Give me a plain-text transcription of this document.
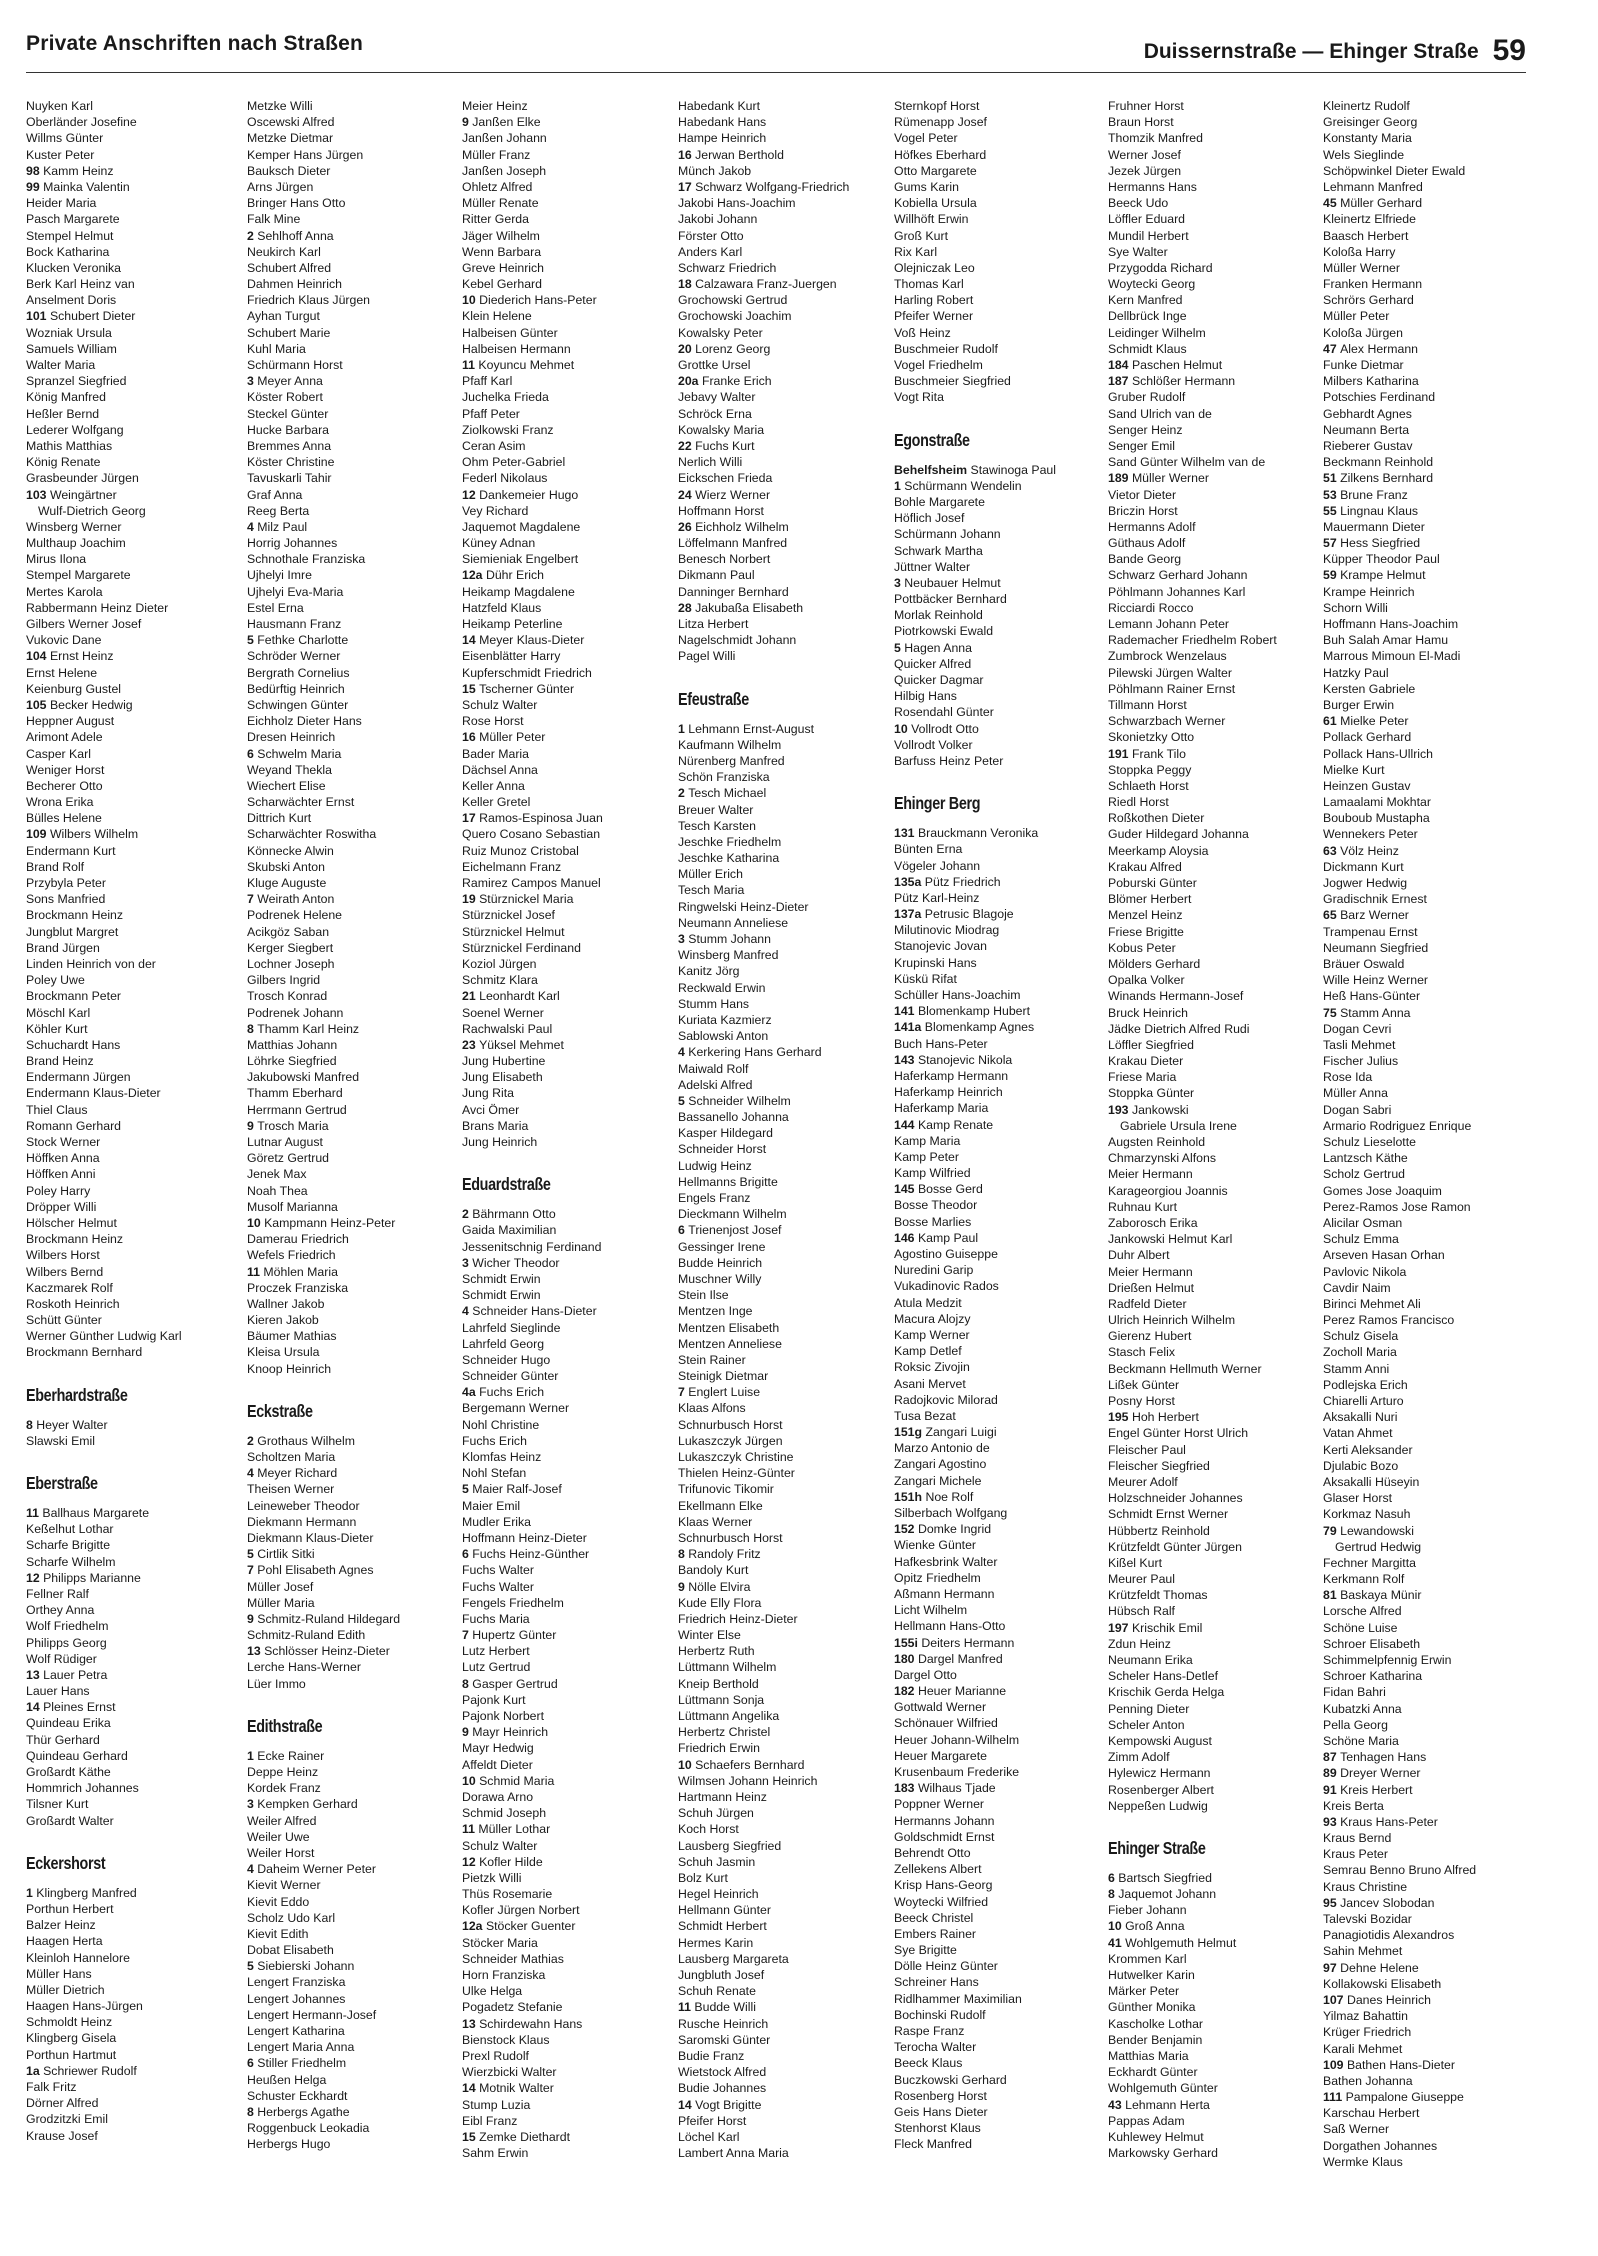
Private Anschriften nach Straßen	Duissernstraße — Ehinger Straße 59
Nuyken Karl
Oberländer Josefine
Willms Günter
Kuster Peter
98 Kamm Heinz
99 Mainka Valentin
Heider Maria
Pasch Margarete
Stempel Helmut
Bock Katharina
Klucken Veronika
Berk Karl Heinz van
Anselment Doris
101 Schubert Dieter
Wozniak Ursula
Samuels William
Walter Maria
Spranzel Siegfried
König Manfred
Heßler Bernd
Lederer Wolfgang
Mathis Matthias
König Renate
Grasbeunder Jürgen
103 Weingärtner
Wulf-Dietrich Georg
Winsberg Werner
Multhaup Joachim
Mirus Ilona
Stempel Margarete
Mertes Karola
Rabbermann Heinz Dieter
Gilbers Werner Josef
Vukovic Dane
104 Ernst Heinz
Ernst Helene
Keienburg Gustel
105 Becker Hedwig
Heppner August
Arimont Adele
Casper Karl
Weniger Horst
Becherer Otto
Wrona Erika
Bülles Helene
109 Wilbers Wilhelm
Endermann Kurt
Brand Rolf
Przybyla Peter
Sons Manfried
Brockmann Heinz
Jungblut Margret
Brand Jürgen
Linden Heinrich von der
Poley Uwe
Brockmann Peter
Möschl Karl
Köhler Kurt
Schuchardt Hans
Brand Heinz
Endermann Jürgen
Endermann Klaus-Dieter
Thiel Claus
Romann Gerhard
Stock Werner
Höffken Anna
Höffken Anni
Poley Harry
Dröpper Willi
Hölscher Helmut
Brockmann Heinz
Wilbers Horst
Wilbers Bernd
Kaczmarek Rolf
Roskoth Heinrich
Schütt Günter
Werner Günther Ludwig Karl
Brockmann Bernhard
Eberhardstraße
8 Heyer Walter
Slawski Emil
Eberstraße
11 Ballhaus Margarete
Keßelhut Lothar
Scharfe Brigitte
Scharfe Wilhelm
12 Philipps Marianne
Fellner Ralf
Orthey Anna
Wolf Friedhelm
Philipps Georg
Wolf Rüdiger
13 Lauer Petra
Lauer Hans
14 Pleines Ernst
Quindeau Erika
Thür Gerhard
Quindeau Gerhard
Großardt Käthe
Hommrich Johannes
Tilsner Kurt
Großardt Walter
Eckershorst
1 Klingberg Manfred
Porthun Herbert
Balzer Heinz
Haagen Herta
Kleinloh Hannelore
Müller Hans
Müller Dietrich
Haagen Hans-Jürgen
Schmoldt Heinz
Klingberg Gisela
Porthun Hartmut
1a Schriewer Rudolf
Falk Fritz
Dörner Alfred
Grodzitzki Emil
Krause Josef
Metzke Willi
Oscewski Alfred
Metzke Dietmar
Kemper Hans Jürgen
Bauksch Dieter
Arns Jürgen
Bringer Hans Otto
Falk Mine
2 Sehlhoff Anna
Neukirch Karl
Schubert Alfred
Dahmen Heinrich
Friedrich Klaus Jürgen
Ayhan Turgut
Schubert Marie
Kuhl Maria
Schürmann Horst
3 Meyer Anna
Köster Robert
Steckel Günter
Hucke Barbara
Bremmes Anna
Köster Christine
Tavuskarli Tahir
Graf Anna
Reeg Berta
4 Milz Paul
Horrig Johannes
Schnothale Franziska
Ujhelyi Imre
Ujhelyi Eva-Maria
Estel Erna
Hausmann Franz
5 Fethke Charlotte
Schröder Werner
Bergrath Cornelius
Bedürftig Heinrich
Schwingen Günter
Eichholz Dieter Hans
Dresen Heinrich
6 Schwelm Maria
Weyand Thekla
Wiechert Elise
Scharwächter Ernst
Dittrich Kurt
Scharwächter Roswitha
Könnecke Alwin
Skubski Anton
Kluge Auguste
7 Weirath Anton
Podrenek Helene
Acikgöz Saban
Kerger Siegbert
Lochner Joseph
Gilbers Ingrid
Trosch Konrad
Podrenek Johann
8 Thamm Karl Heinz
Matthias Johann
Löhrke Siegfried
Jakubowski Manfred
Thamm Eberhard
Herrmann Gertrud
9 Trosch Maria
Lutnar August
Göretz Gertrud
Jenek Max
Noah Thea
Musolf Marianna
10 Kampmann Heinz-Peter
Damerau Friedrich
Wefels Friedrich
11 Möhlen Maria
Proczek Franziska
Wallner Jakob
Kieren Jakob
Bäumer Mathias
Kleisa Ursula
Knoop Heinrich
Eckstraße
2 Grothaus Wilhelm
Scholtzen Maria
4 Meyer Richard
Theisen Werner
Leineweber Theodor
Diekmann Hermann
Diekmann Klaus-Dieter
5 Cirtlik Sitki
7 Pohl Elisabeth Agnes
Müller Josef
Müller Maria
9 Schmitz-Ruland Hildegard
Schmitz-Ruland Edith
13 Schlösser Heinz-Dieter
Lerche Hans-Werner
Lüer Immo
Edithstraße
1 Ecke Rainer
Deppe Heinz
Kordek Franz
3 Kempken Gerhard
Weiler Alfred
Weiler Uwe
Weiler Horst
4 Daheim Werner Peter
Kievit Werner
Kievit Eddo
Scholz Udo Karl
Kievit Edith
Dobat Elisabeth
5 Siebierski Johann
Lengert Franziska
Lengert Johannes
Lengert Hermann-Josef
Lengert Katharina
Lengert Maria Anna
6 Stiller Friedhelm
Heußen Helga
Schuster Eckhardt
8 Herbergs Agathe
Roggenbuck Leokadia
Herbergs Hugo
Meier Heinz
9 Janßen Elke
Janßen Johann
Müller Franz
Janßen Joseph
Ohletz Alfred
Müller Renate
Ritter Gerda
Jäger Wilhelm
Wenn Barbara
Greve Heinrich
Kebel Gerhard
10 Diederich Hans-Peter
Klein Helene
Halbeisen Günter
Halbeisen Hermann
11 Koyuncu Mehmet
Pfaff Karl
Juchelka Frieda
Pfaff Peter
Ziolkowski Franz
Ceran Asim
Ohm Peter-Gabriel
Federl Nikolaus
12 Dankemeier Hugo
Vey Richard
Jaquemot Magdalene
Küney Adnan
Siemieniak Engelbert
12a Dühr Erich
Heikamp Magdalene
Hatzfeld Klaus
Heikamp Peterline
14 Meyer Klaus-Dieter
Eisenblätter Harry
Kupferschmidt Friedrich
15 Tscherner Günter
Schulz Walter
Rose Horst
16 Müller Peter
Bader Maria
Dächsel Anna
Keller Anna
Keller Gretel
17 Ramos-Espinosa Juan
Quero Cosano Sebastian
Ruiz Munoz Cristobal
Eichelmann Franz
Ramirez Campos Manuel
19 Stürznickel Maria
Stürznickel Josef
Stürznickel Helmut
Stürznickel Ferdinand
Koziol Jürgen
Schmitz Klara
21 Leonhardt Karl
Soenel Werner
Rachwalski Paul
23 Yüksel Mehmet
Jung Hubertine
Jung Elisabeth
Jung Rita
Avci Ömer
Brans Maria
Jung Heinrich
Eduardstraße
2 Bährmann Otto
Gaida Maximilian
Jessenitschnig Ferdinand
3 Wicher Theodor
Schmidt Erwin
Schmidt Erwin
4 Schneider Hans-Dieter
Lahrfeld Sieglinde
Lahrfeld Georg
Schneider Hugo
Schneider Günter
4a Fuchs Erich
Bergemann Werner
Nohl Christine
Fuchs Erich
Klomfas Heinz
Nohl Stefan
5 Maier Ralf-Josef
Maier Emil
Mudler Erika
Hoffmann Heinz-Dieter
6 Fuchs Heinz-Günther
Fuchs Walter
Fuchs Walter
Fengels Friedhelm
Fuchs Maria
7 Hupertz Günter
Lutz Herbert
Lutz Gertrud
8 Gasper Gertrud
Pajonk Kurt
Pajonk Norbert
9 Mayr Heinrich
Mayr Hedwig
Affeldt Dieter
10 Schmid Maria
Dorawa Arno
Schmid Joseph
11 Müller Lothar
Schulz Walter
12 Kofler Hilde
Pietzk Willi
Thüs Rosemarie
Kofler Jürgen Norbert
12a Stöcker Guenter
Stöcker Maria
Schneider Mathias
Horn Franziska
Ulke Helga
Pogadetz Stefanie
13 Schirdewahn Hans
Bienstock Klaus
Prexl Rudolf
Wierzbicki Walter
14 Motnik Walter
Stump Luzia
Eibl Franz
15 Zemke Diethardt
Sahm Erwin
Habedank Kurt
Habedank Hans
Hampe Heinrich
16 Jerwan Berthold
Münch Jakob
17 Schwarz Wolfgang-Friedrich
Jakobi Hans-Joachim
Jakobi Johann
Förster Otto
Anders Karl
Schwarz Friedrich
18 Calzawara Franz-Juergen
Grochowski Gertrud
Grochowski Joachim
Kowalsky Peter
20 Lorenz Georg
Grottke Ursel
20a Franke Erich
Jebavy Walter
Schröck Erna
Kowalsky Maria
22 Fuchs Kurt
Nerlich Willi
Eickschen Frieda
24 Wierz Werner
Hoffmann Horst
26 Eichholz Wilhelm
Löffelmann Manfred
Benesch Norbert
Dikmann Paul
Danninger Bernhard
28 Jakubaßa Elisabeth
Litza Herbert
Nagelschmidt Johann
Pagel Willi
Efeustraße
1 Lehmann Ernst-August
Kaufmann Wilhelm
Nürenberg Manfred
Schön Franziska
2 Tesch Michael
Breuer Walter
Tesch Karsten
Jeschke Friedhelm
Jeschke Katharina
Müller Erich
Tesch Maria
Ringwelski Heinz-Dieter
Neumann Anneliese
3 Stumm Johann
Winsberg Manfred
Kanitz Jörg
Reckwald Erwin
Stumm Hans
Kuriata Kazmierz
Sablowski Anton
4 Kerkering Hans Gerhard
Maiwald Rolf
Adelski Alfred
5 Schneider Wilhelm
Bassanello Johanna
Kasper Hildegard
Schneider Horst
Ludwig Heinz
Hellmanns Brigitte
Engels Franz
Dieckmann Wilhelm
6 Trienenjost Josef
Gessinger Irene
Budde Heinrich
Muschner Willy
Stein Ilse
Mentzen Inge
Mentzen Elisabeth
Mentzen Anneliese
Stein Rainer
Steinigk Dietmar
7 Englert Luise
Klaas Alfons
Schnurbusch Horst
Lukaszczyk Jürgen
Lukaszczyk Christine
Thielen Heinz-Günter
Trifunovic Tikomir
Ekellmann Elke
Klaas Werner
Schnurbusch Horst
8 Randoly Fritz
Bandoly Kurt
9 Nölle Elvira
Kude Elly Flora
Friedrich Heinz-Dieter
Winter Else
Herbertz Ruth
Lüttmann Wilhelm
Kneip Berthold
Lüttmann Sonja
Lüttmann Angelika
Herbertz Christel
Friedrich Erwin
10 Schaefers Bernhard
Wilmsen Johann Heinrich
Hartmann Heinz
Schuh Jürgen
Koch Horst
Lausberg Siegfried
Schuh Jasmin
Bolz Kurt
Hegel Heinrich
Hellmann Günter
Schmidt Herbert
Hermes Karin
Lausberg Margareta
Jungbluth Josef
Schuh Renate
11 Budde Willi
Rusche Heinrich
Saromski Günter
Budie Franz
Wietstock Alfred
Budie Johannes
14 Vogt Brigitte
Pfeifer Horst
Löchel Karl
Lambert Anna Maria
Sternkopf Horst
Rümenapp Josef
Vogel Peter
Höfkes Eberhard
Otto Margarete
Gums Karin
Kobiella Ursula
Willhöft Erwin
Groß Kurt
Rix Karl
Olejniczak Leo
Thomas Karl
Harling Robert
Pfeifer Werner
Voß Heinz
Buschmeier Rudolf
Vogel Friedhelm
Buschmeier Siegfried
Vogt Rita
Egonstraße
Behelfsheim Stawinoga Paul
1 Schürmann Wendelin
Bohle Margarete
Höflich Josef
Schürmann Johann
Schwark Martha
Jüttner Walter
3 Neubauer Helmut
Pottbäcker Bernhard
Morlak Reinhold
Piotrkowski Ewald
5 Hagen Anna
Quicker Alfred
Quicker Dagmar
Hilbig Hans
Rosendahl Günter
10 Vollrodt Otto
Vollrodt Volker
Barfuss Heinz Peter
Ehinger Berg
131 Brauckmann Veronika
Bünten Erna
Vögeler Johann
135a Pütz Friedrich
Pütz Karl-Heinz
137a Petrusic Blagoje
Milutinovic Miodrag
Stanojevic Jovan
Krupinski Hans
Küskü Rifat
Schüller Hans-Joachim
141 Blomenkamp Hubert
141a Blomenkamp Agnes
Buch Hans-Peter
143 Stanojevic Nikola
Haferkamp Hermann
Haferkamp Heinrich
Haferkamp Maria
144 Kamp Renate
Kamp Maria
Kamp Peter
Kamp Wilfried
145 Bosse Gerd
Bosse Theodor
Bosse Marlies
146 Kamp Paul
Agostino Guiseppe
Nuredini Garip
Vukadinovic Rados
Atula Medzit
Macura Alojzy
Kamp Werner
Kamp Detlef
Roksic Zivojin
Asani Mervet
Radojkovic Milorad
Tusa Bezat
151g Zangari Luigi
Marzo Antonio de
Zangari Agostino
Zangari Michele
151h Noe Rolf
Silberbach Wolfgang
152 Domke Ingrid
Wienke Günter
Hafkesbrink Walter
Opitz Friedhelm
Aßmann Hermann
Licht Wilhelm
Hellmann Hans-Otto
155i Deiters Hermann
180 Dargel Manfred
Dargel Otto
182 Heuer Marianne
Gottwald Werner
Schönauer Wilfried
Heuer Johann-Wilhelm
Heuer Margarete
Krusenbaum Frederike
183 Wilhaus Tjade
Poppner Werner
Hermanns Johann
Goldschmidt Ernst
Behrendt Otto
Zellekens Albert
Krisp Hans-Georg
Woytecki Wilfried
Beeck Christel
Embers Rainer
Sye Brigitte
Dölle Heinz Günter
Schreiner Hans
Ridlhammer Maximilian
Bochinski Rudolf
Raspe Franz
Terocha Walter
Beeck Klaus
Buczkowski Gerhard
Rosenberg Horst
Geis Hans Dieter
Stenhorst Klaus
Fleck Manfred
Fruhner Horst
Braun Horst
Thomzik Manfred
Werner Josef
Jezek Jürgen
Hermanns Hans
Beeck Udo
Löffler Eduard
Mundil Herbert
Sye Walter
Przygodda Richard
Woytecki Georg
Kern Manfred
Dellbrück Inge
Leidinger Wilhelm
Schmidt Klaus
184 Paschen Helmut
187 Schlößer Hermann
Gruber Rudolf
Sand Ulrich van de
Senger Heinz
Senger Emil
Sand Günter Wilhelm van de
189 Müller Werner
Vietor Dieter
Briczin Horst
Hermanns Adolf
Güthaus Adolf
Bande Georg
Schwarz Gerhard Johann
Pöhlmann Johannes Karl
Ricciardi Rocco
Lemann Johann Peter
Rademacher Friedhelm Robert
Zumbrock Wenzelaus
Pilewski Jürgen Walter
Pöhlmann Rainer Ernst
Tillmann Horst
Schwarzbach Werner
Skonietzky Otto
191 Frank Tilo
Stoppka Peggy
Schlaeth Horst
Riedl Horst
Roßkothen Dieter
Guder Hildegard Johanna
Meerkamp Aloysia
Krakau Alfred
Poburski Günter
Blömer Herbert
Menzel Heinz
Friese Brigitte
Kobus Peter
Mölders Gerhard
Opalka Volker
Winands Hermann-Josef
Bruck Heinrich
Jädke Dietrich Alfred Rudi
Löffler Siegfried
Krakau Dieter
Friese Maria
Stoppka Günter
193 Jankowski
Gabriele Ursula Irene
Augsten Reinhold
Chmarzynski Alfons
Meier Hermann
Karageorgiou Joannis
Ruhnau Kurt
Zaborosch Erika
Jankowski Helmut Karl
Duhr Albert
Meier Hermann
Drießen Helmut
Radfeld Dieter
Ulrich Heinrich Wilhelm
Gierenz Hubert
Stasch Felix
Beckmann Hellmuth Werner
Lißek Günter
Posny Horst
195 Hoh Herbert
Engel Günter Horst Ulrich
Fleischer Paul
Fleischer Siegfried
Meurer Adolf
Holzschneider Johannes
Schmidt Ernst Werner
Hübbertz Reinhold
Krützfeldt Günter Jürgen
Kißel Kurt
Meurer Paul
Krützfeldt Thomas
Hübsch Ralf
197 Krischik Emil
Zdun Heinz
Neumann Erika
Scheler Hans-Detlef
Krischik Gerda Helga
Penning Dieter
Scheler Anton
Kempowski August
Zimm Adolf
Hylewicz Hermann
Rosenberger Albert
Neppeßen Ludwig
Ehinger Straße
6 Bartsch Siegfried
8 Jaquemot Johann
Fieber Johann
10 Groß Anna
41 Wohlgemuth Helmut
Krommen Karl
Hutwelker Karin
Märker Peter
Günther Monika
Kascholke Lothar
Bender Benjamin
Matthias Maria
Eckhardt Günter
Wohlgemuth Günter
43 Lehmann Herta
Pappas Adam
Kuhlewey Helmut
Markowsky Gerhard
Kleinertz Rudolf
Greisinger Georg
Konstanty Maria
Wels Sieglinde
Schöpwinkel Dieter Ewald
Lehmann Manfred
45 Müller Gerhard
Kleinertz Elfriede
Baasch Herbert
Koloßa Harry
Müller Werner
Franken Hermann
Schrörs Gerhard
Müller Peter
Koloßa Jürgen
47 Alex Hermann
Funke Dietmar
Milbers Katharina
Potschies Ferdinand
Gebhardt Agnes
Neumann Berta
Rieberer Gustav
Beckmann Reinhold
51 Zilkens Bernhard
53 Brune Franz
55 Lingnau Klaus
Mauermann Dieter
57 Hess Siegfried
Küpper Theodor Paul
59 Krampe Helmut
Krampe Heinrich
Schorn Willi
Hoffmann Hans-Joachim
Buh Salah Amar Hamu
Marrous Mimoun El-Madi
Hatzky Paul
Kersten Gabriele
Burger Erwin
61 Mielke Peter
Pollack Gerhard
Pollack Hans-Ullrich
Mielke Kurt
Heinzen Gustav
Lamaalami Mokhtar
Bouboub Mustapha
Wennekers Peter
63 Völz Heinz
Dickmann Kurt
Jogwer Hedwig
Gradischnik Ernest
65 Barz Werner
Trampenau Ernst
Neumann Siegfried
Bräuer Oswald
Wille Heinz Werner
Heß Hans-Günter
75 Stamm Anna
Dogan Cevri
Tasli Mehmet
Fischer Julius
Rose Ida
Müller Anna
Dogan Sabri
Armario Rodriguez Enrique
Schulz Lieselotte
Lantzsch Käthe
Scholz Gertrud
Gomes Jose Joaquim
Perez-Ramos Jose Ramon
Alicilar Osman
Schulz Emma
Arseven Hasan Orhan
Pavlovic Nikola
Cavdir Naim
Birinci Mehmet Ali
Perez Ramos Francisco
Schulz Gisela
Zocholl Maria
Stamm Anni
Podlejska Erich
Chiarelli Arturo
Aksakalli Nuri
Vatan Ahmet
Kerti Aleksander
Djulabic Bozo
Aksakalli Hüseyin
Glaser Horst
Korkmaz Nasuh
79 Lewandowski
Gertrud Hedwig
Fechner Margitta
Kerkmann Rolf
81 Baskaya Münir
Lorsche Alfred
Schöne Luise
Schroer Elisabeth
Schimmelpfennig Erwin
Schroer Katharina
Fidan Bahri
Kubatzki Anna
Pella Georg
Schöne Maria
87 Tenhagen Hans
89 Dreyer Werner
91 Kreis Herbert
Kreis Berta
93 Kraus Hans-Peter
Kraus Bernd
Kraus Peter
Semrau Benno Bruno Alfred
Kraus Christine
95 Jancev Slobodan
Talevski Bozidar
Panagiotidis Alexandros
Sahin Mehmet
97 Dehne Helene
Kollakowski Elisabeth
107 Danes Heinrich
Yilmaz Bahattin
Krüger Friedrich
Karali Mehmet
109 Bathen Hans-Dieter
Bathen Johanna
111 Pampalone Giuseppe
Karschau Herbert
Saß Werner
Dorgathen Johannes
Wermke Klaus
